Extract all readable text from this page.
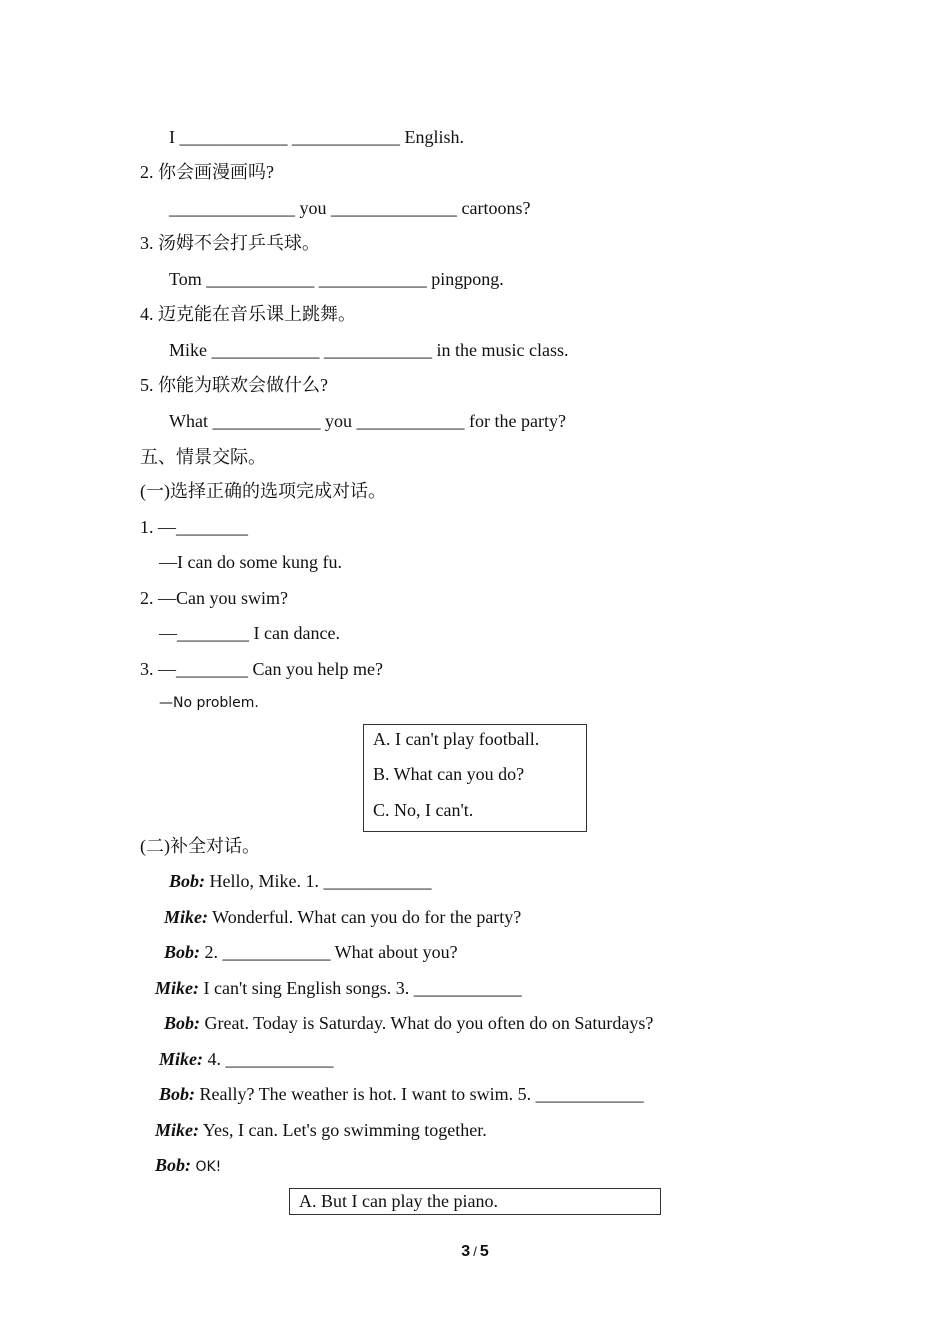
I ____________ ____________ English.
2. 你会画漫画吗?
______________ you ______________ cartoons?
3. 汤姆不会打乒乓球。
Tom ____________ ____________ pingpong.
4. 迈克能在音乐课上跳舞。
Mike ____________ ____________ in the music class.
5. 你能为联欢会做什么?
What ____________ you ____________ for the party?
五、情景交际。
(一)选择正确的选项完成对话。
1. —________
—I can do some kung fu.
2. —Can you swim?
—________ I can dance.
3. —________ Can you help me?
—No problem.
A. I can't play football.
B. What can you do?
C. No, I can't.
(二)补全对话。
Bob: Hello, Mike. 1. ____________
Mike: Wonderful. What can you do for the party?
Bob: 2. ____________ What about you?
Mike: I can't sing English songs. 3. ____________
Bob: Great. Today is Saturday. What do you often do on Saturdays?
Mike: 4. ____________
Bob: Really? The weather is hot. I want to swim. 5. ____________
Mike: Yes, I can. Let's go swimming together.
Bob: OK!
A. But I can play the piano.
3 / 5
